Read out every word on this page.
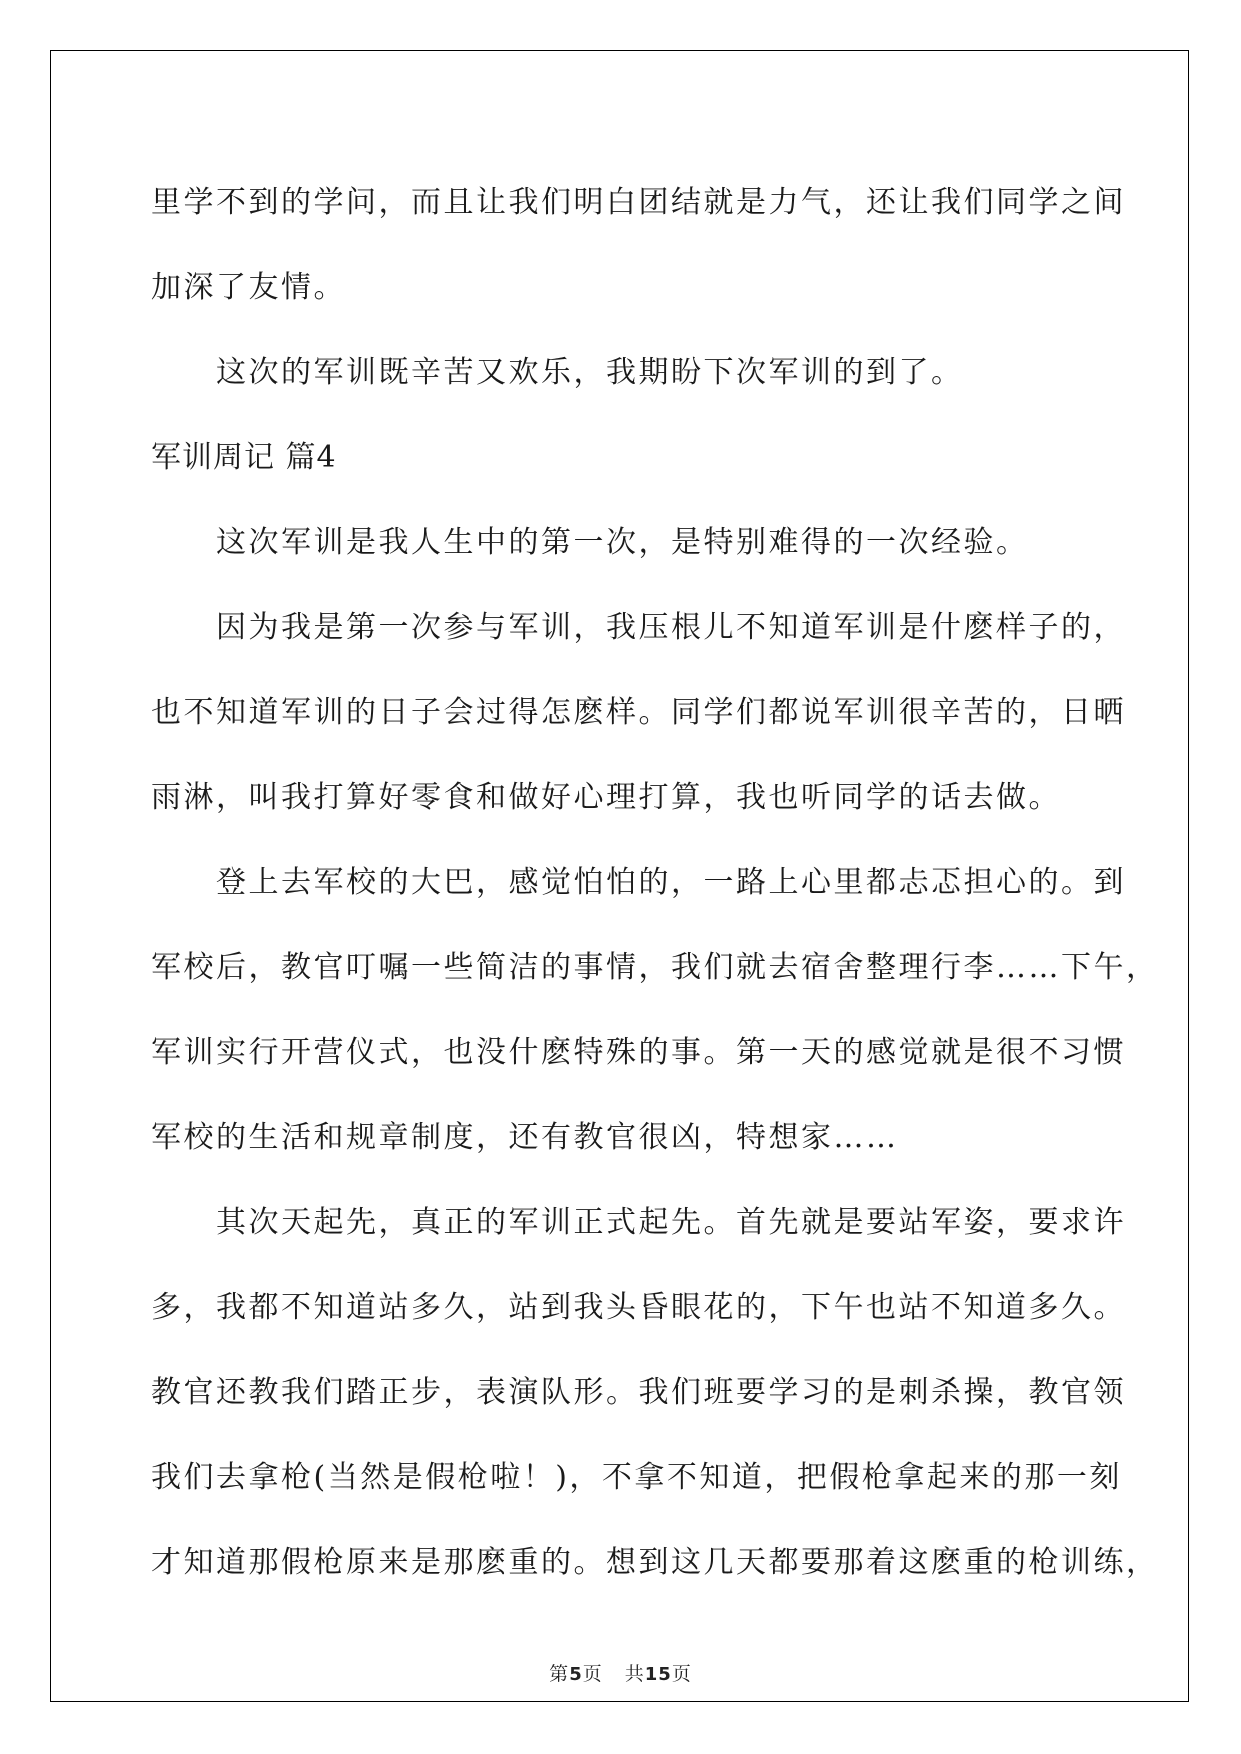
里学不到的学问，而且让我们明白团结就是力气，还让我们同学之间
加深了友情。
这次的军训既辛苦又欢乐，我期盼下次军训的到了。
军训周记 篇4
这次军训是我人生中的第一次，是特别难得的一次经验。
因为我是第一次参与军训，我压根儿不知道军训是什麽样子的，
也不知道军训的日子会过得怎麽样。同学们都说军训很辛苦的，日晒
雨淋，叫我打算好零食和做好心理打算，我也听同学的话去做。
登上去军校的大巴，感觉怕怕的，一路上心里都忐忑担心的。到
军校后，教官叮嘱一些简洁的事情，我们就去宿舍整理行李……下午，
军训实行开营仪式，也没什麽特殊的事。第一天的感觉就是很不习惯
军校的生活和规章制度，还有教官很凶，特想家……
其次天起先，真正的军训正式起先。首先就是要站军姿，要求许
多，我都不知道站多久，站到我头昏眼花的，下午也站不知道多久。
教官还教我们踏正步，表演队形。我们班要学习的是刺杀操，教官领
我们去拿枪(当然是假枪啦！)，不拿不知道，把假枪拿起来的那一刻
才知道那假枪原来是那麽重的。想到这几天都要那着这麽重的枪训练，
第5页 共15页
